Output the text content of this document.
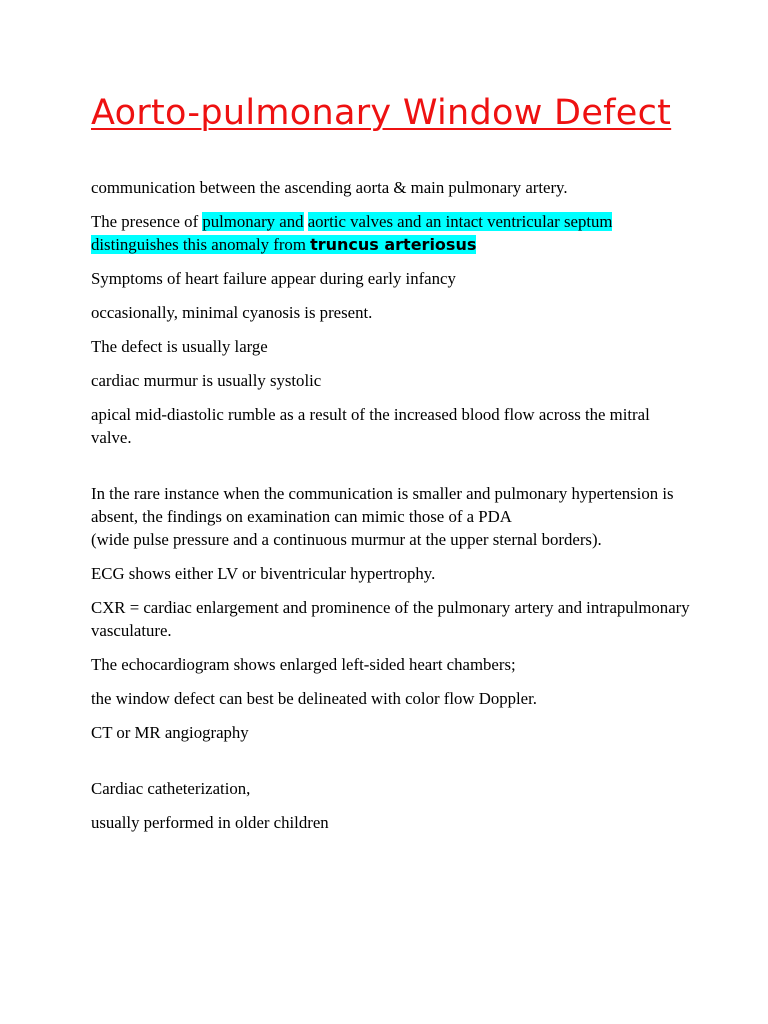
Aorto-pulmonary Window Defect

communication between the ascending aorta & main pulmonary artery.

The presence of pulmonary and aortic valves and an intact ventricular septum distinguishes this anomaly from truncus arteriosus

Symptoms of heart failure appear during early infancy

occasionally, minimal cyanosis is present.

The defect is usually large

cardiac murmur is usually systolic

apical mid-diastolic rumble as a result of the increased blood flow across the mitral valve.

In the rare instance when the communication is smaller and pulmonary hypertension is absent, the findings on examination can mimic those of a PDA

(wide pulse pressure and a continuous murmur at the upper sternal borders).

ECG shows either LV or biventricular hypertrophy.

CXR = cardiac enlargement and prominence of the pulmonary artery and intrapulmonary vasculature.

The echocardiogram shows enlarged left-sided heart chambers;

the window defect can best be delineated with color flow Doppler.

CT or MR angiography

Cardiac catheterization,

usually performed in older children
